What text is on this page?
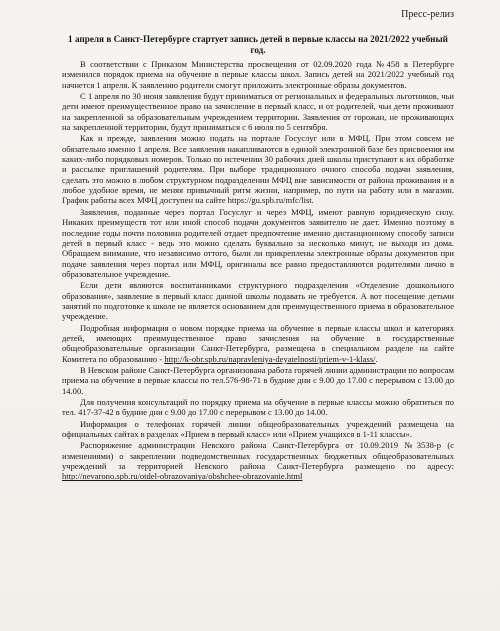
Пресс-релиз
1 апреля в Санкт-Петербурге стартует запись детей в первые классы на 2021/2022 учебный год.

В соответствии с Приказом Министерства просвещения от 02.09.2020 года №458 в Петербурге изменился порядок приема на обучение в первые классы школ. Запись детей на 2021/2022 учебный год начнется 1 апреля. К заявлению родители смогут приложить электронные образы документов.

С 1 апреля по 30 июня заявления будут приниматься от региональных и федеральных льготников, чьи дети имеют преимущественное право на зачисление в первый класс, и от родителей, чьи дети проживают на закрепленной за образовательным учреждением территории. Заявления от горожан, не проживающих на закрепленной территории, будут приниматься с 6 июля по 5 сентября.

Как и прежде, заявления можно подать на портале Госуслуг или в МФЦ. При этом совсем не обязательно именно 1 апреля. Все заявления накапливаются в единой электронной базе без присвоения им каких-либо порядковых номеров. Только по истечении 30 рабочих дней школы приступают к их обработке и рассылке приглашений родителям. При выборе традиционного очного способа подачи заявления, сделать это можно в любом структурном подразделении МФЦ вне зависимости от района проживания и в любое удобное время, не меняя привычный ритм жизни, например, по пути на работу или в магазин. График работы всех МФЦ доступен на сайте https://gu.spb.ru/mfc/list.

Заявления, поданные через портал Госуслуг и через МФЦ, имеют равную юридическую силу. Никаких преимуществ тот или иной способ подачи документов заявителю не дает. Именно поэтому в последние годы почти половина родителей отдает предпочтение именно дистанционному способу записи детей в первый класс - ведь это можно сделать буквально за несколько минут, не выходя из дома. Обращаем внимание, что независимо оттого, были ли прикреплены электронные образы документов при подаче заявления через портал или МФЦ, оригиналы все равно предоставляются родителями лично в образовательное учреждение.

Если дети являются воспитанниками структурного подразделения «Отделение дошкольного образования», заявление в первый класс данной школы подавать не требуется. А вот посещение детьми занятий по подготовке к школе не является основанием для преимущественного приема в образовательное учреждение.

Подробная информация о новом порядке приема на обучение в первые классы школ и категориях детей, имеющих преимущественное право зачисления на обучение в государственные общеобразовательные организации Санкт-Петербурга, размещена в специальном разделе на сайте Комитета по образованию - http://k-obr.spb.ru/napravleniya-deyatelnosti/priem-v-1-klass/.

В Невском районе Санкт-Петербурга организована работа горячей линии администрации по вопросам приема на обучение в первые классы по тел.576-98-71 в будние дни с 9.00 до 17.00 с перерывом с 13.00 до 14.00.

Для получения консультаций по порядку приема на обучение в первые классы можно обратиться по тел. 417-37-42 в будние дни с 9.00 до 17.00 с перерывом с 13.00 до 14.00.

Информация о телефонах горячей линии общеобразовательных учреждений размещена на официальных сайтах в разделах «Прием в первый класс» или «Прием учащихся в 1-11 классы».

Распоряжение администрации Невского района Санкт-Петербурга от 10.09.2019 №3538-р (с изменениями) о закреплении подведомственных государственных бюджетных общеобразовательных учреждений за территорией Невского района Санкт-Петербурга размещено по адресу: http://nevarono.spb.ru/otdel-obrazovaniya/obshchee-obrazovanie.html
